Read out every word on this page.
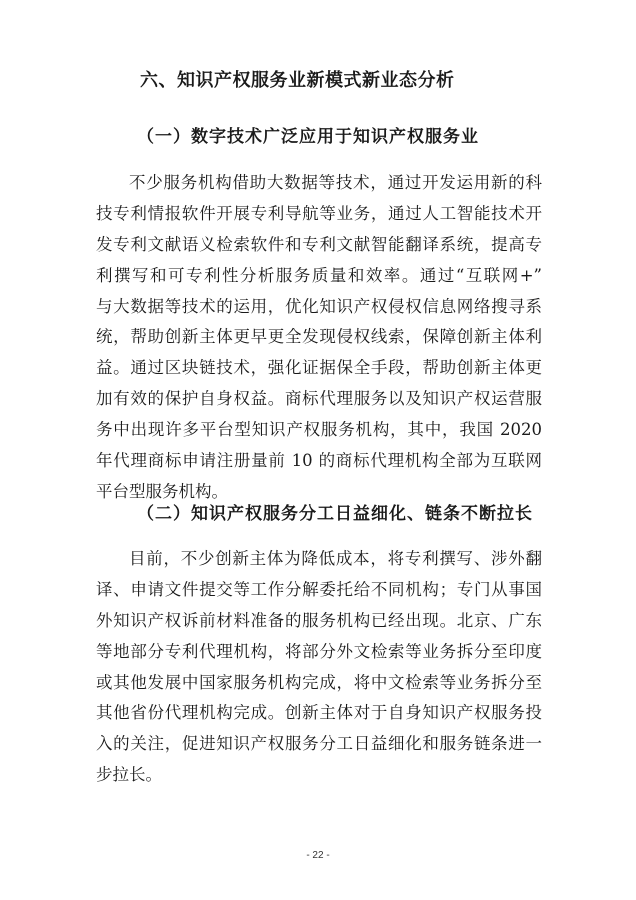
六、知识产权服务业新模式新业态分析
（一）数字技术广泛应用于知识产权服务业
不少服务机构借助大数据等技术，通过开发运用新的科
技专利情报软件开展专利导航等业务，通过人工智能技术开
发专利文献语义检索软件和专利文献智能翻译系统，提高专
利撰写和可专利性分析服务质量和效率。通过“互联网+”
与大数据等技术的运用，优化知识产权侵权信息网络搜寻系
统，帮助创新主体更早更全发现侵权线索，保障创新主体利
益。通过区块链技术，强化证据保全手段，帮助创新主体更
加有效的保护自身权益。商标代理服务以及知识产权运营服
务中出现许多平台型知识产权服务机构，其中，我国 2020
年代理商标申请注册量前 10 的商标代理机构全部为互联网
平台型服务机构。
（二）知识产权服务分工日益细化、链条不断拉长
目前，不少创新主体为降低成本，将专利撰写、涉外翻
译、申请文件提交等工作分解委托给不同机构；专门从事国
外知识产权诉前材料准备的服务机构已经出现。北京、广东
等地部分专利代理机构，将部分外文检索等业务拆分至印度
或其他发展中国家服务机构完成，将中文检索等业务拆分至
其他省份代理机构完成。创新主体对于自身知识产权服务投
入的关注，促进知识产权服务分工日益细化和服务链条进一
步拉长。
- 22 -
